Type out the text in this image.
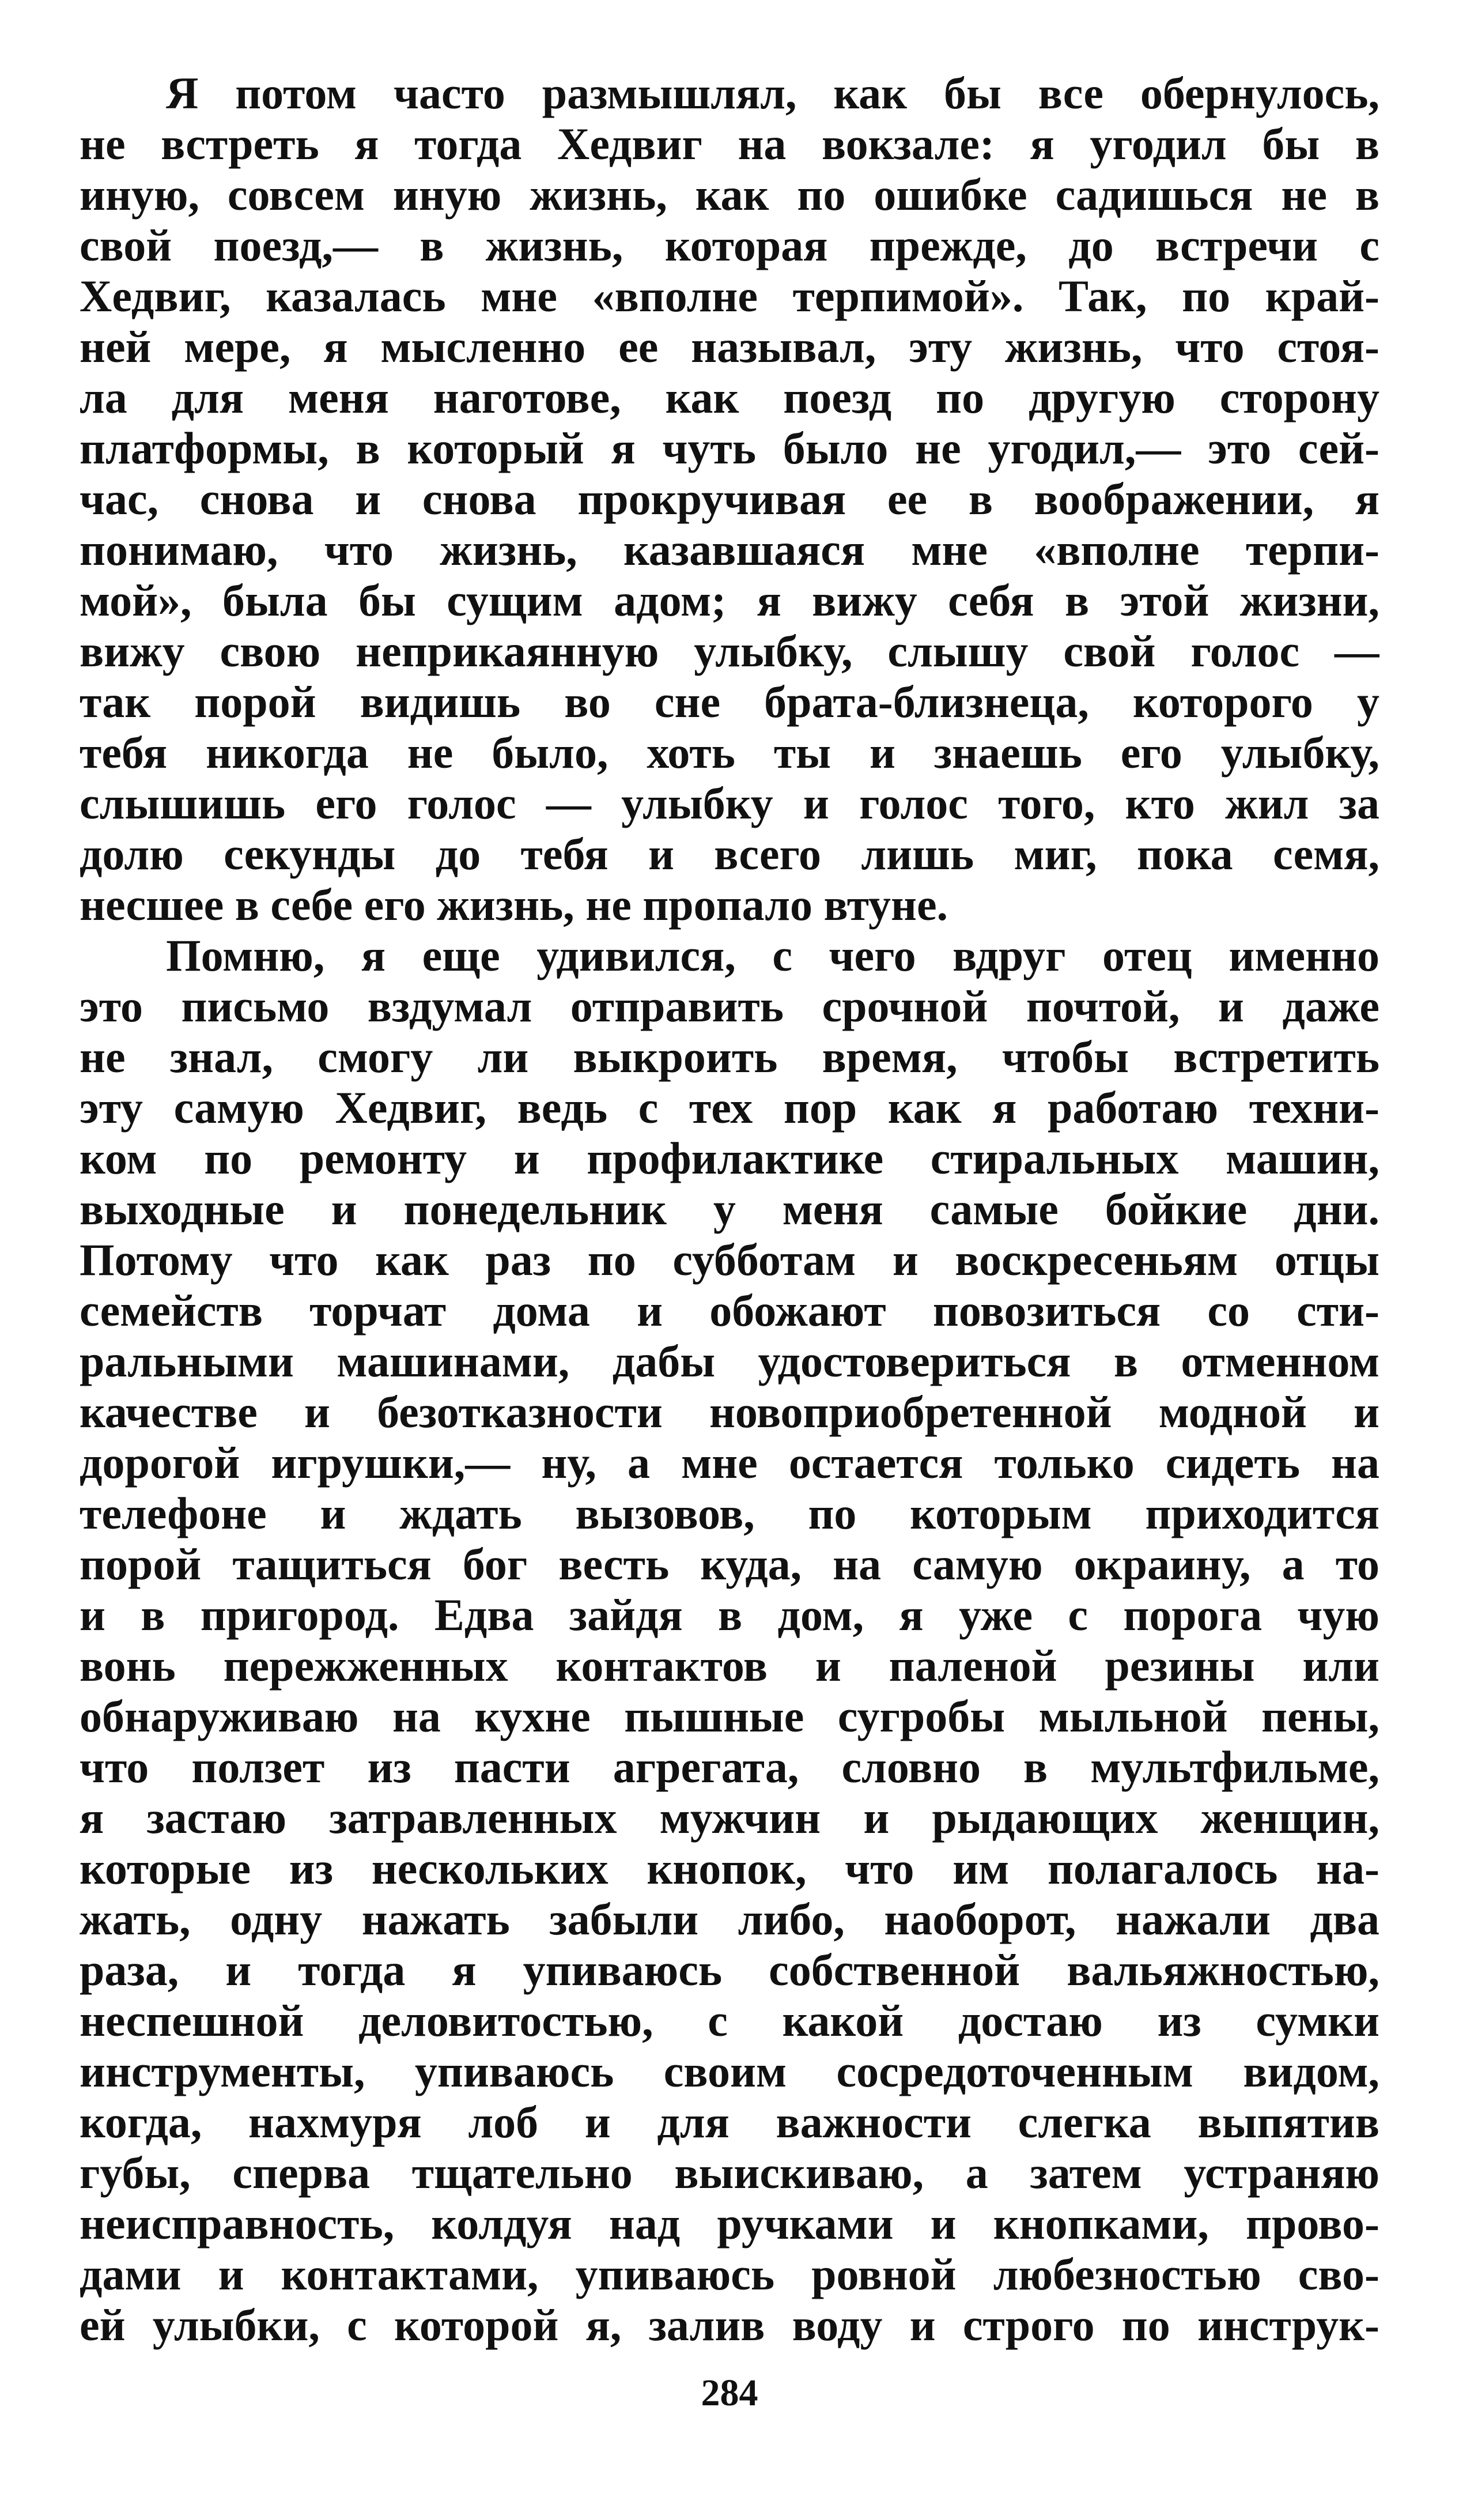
Я потом часто размышлял, как бы все обернулось,
не встреть я тогда Хедвиг на вокзале: я угодил бы в
иную, совсем иную жизнь, как по ошибке садишься не в
свой поезд,— в жизнь, которая прежде, до встречи с
Хедвиг, казалась мне «вполне терпимой». Так, по край-
ней мере, я мысленно ее называл, эту жизнь, что стоя-
ла для меня наготове, как поезд по другую сторону
платформы, в который я чуть было не угодил,— это сей-
час, снова и снова прокручивая ее в воображении, я
понимаю, что жизнь, казавшаяся мне «вполне терпи-
мой», была бы сущим адом; я вижу себя в этой жизни,
вижу свою неприкаянную улыбку, слышу свой голос —
так порой видишь во сне брата-близнеца, которого у
тебя никогда не было, хоть ты и знаешь его улыбку,
слышишь его голос — улыбку и голос того, кто жил за
долю секунды до тебя и всего лишь миг, пока семя,
несшее в себе его жизнь, не пропало втуне.
Помню, я еще удивился, с чего вдруг отец именно
это письмо вздумал отправить срочной почтой, и даже
не знал, смогу ли выкроить время, чтобы встретить
эту самую Хедвиг, ведь с тех пор как я работаю техни-
ком по ремонту и профилактике стиральных машин,
выходные и понедельник у меня самые бойкие дни.
Потому что как раз по субботам и воскресеньям отцы
семейств торчат дома и обожают повозиться со сти-
ральными машинами, дабы удостовериться в отменном
качестве и безотказности новоприобретенной модной и
дорогой игрушки,— ну, а мне остается только сидеть на
телефоне и ждать вызовов, по которым приходится
порой тащиться бог весть куда, на самую окраину, а то
и в пригород. Едва зайдя в дом, я уже с порога чую
вонь пережженных контактов и паленой резины или
обнаруживаю на кухне пышные сугробы мыльной пены,
что ползет из пасти агрегата, словно в мультфильме,
я застаю затравленных мужчин и рыдающих женщин,
которые из нескольких кнопок, что им полагалось на-
жать, одну нажать забыли либо, наоборот, нажали два
раза, и тогда я упиваюсь собственной вальяжностью,
неспешной деловитостью, с какой достаю из сумки
инструменты, упиваюсь своим сосредоточенным видом,
когда, нахмуря лоб и для важности слегка выпятив
губы, сперва тщательно выискиваю, а затем устраняю
неисправность, колдуя над ручками и кнопками, прово-
дами и контактами, упиваюсь ровной любезностью сво-
ей улыбки, с которой я, залив воду и строго по инструк-
284
